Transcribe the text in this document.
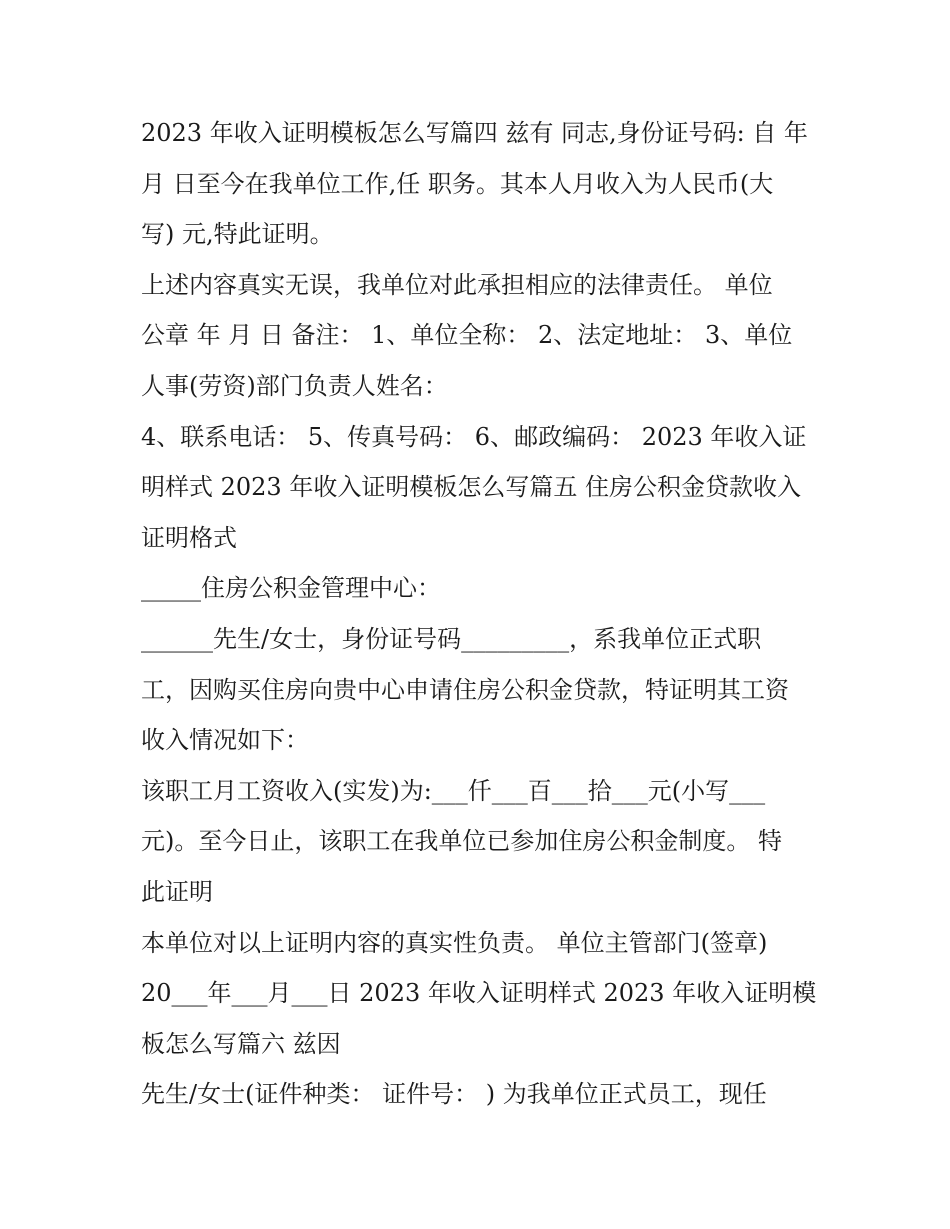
2023 年收入证明模板怎么写篇四 兹有 同志,身份证号码: 自 年
月 日至今在我单位工作,任 职务。其本人月收入为人民币(大
写) 元,特此证明。
上述内容真实无误，我单位对此承担相应的法律责任。 单位
公章 年 月 日 备注： 1、单位全称： 2、法定地址： 3、单位
人事(劳资)部门负责人姓名：
4、联系电话： 5、传真号码： 6、邮政编码： 2023 年收入证
明样式 2023 年收入证明模板怎么写篇五 住房公积金贷款收入
证明格式
_____住房公积金管理中心：
______先生/女士，身份证号码_________，系我单位正式职
工，因购买住房向贵中心申请住房公积金贷款，特证明其工资
收入情况如下：
该职工月工资收入(实发)为:___仟___百___拾___元(小写___
元)。至今日止，该职工在我单位已参加住房公积金制度。 特
此证明
本单位对以上证明内容的真实性负责。 单位主管部门(签章)
20___年___月___日 2023 年收入证明样式 2023 年收入证明模
板怎么写篇六 兹因
先生/女士(证件种类： 证件号： ) 为我单位正式员工，现任
